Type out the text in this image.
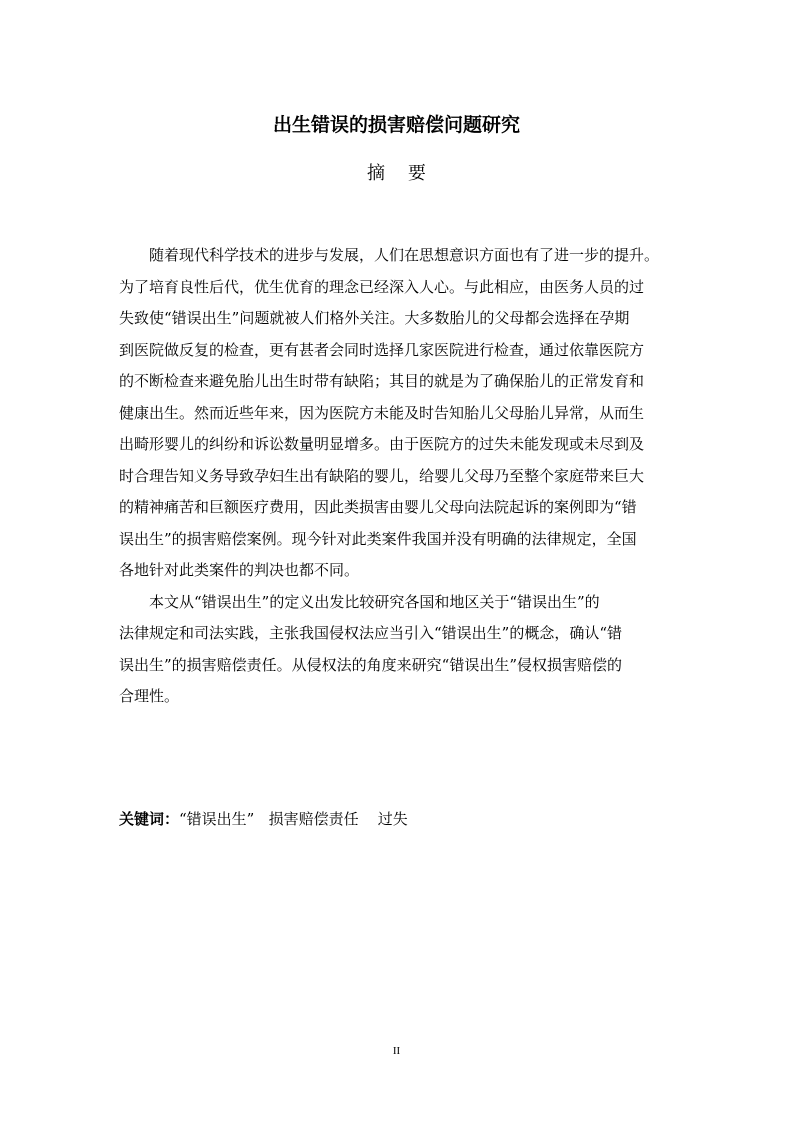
出生错误的损害赔偿问题研究
摘    要
随着现代科学技术的进步与发展，人们在思想意识方面也有了进一步的提升。
为了培育良性后代，优生优育的理念已经深入人心。与此相应，由医务人员的过
失致使“错误出生”问题就被人们格外关注。大多数胎儿的父母都会选择在孕期
到医院做反复的检查，更有甚者会同时选择几家医院进行检查，通过依靠医院方
的不断检查来避免胎儿出生时带有缺陷；其目的就是为了确保胎儿的正常发育和
健康出生。然而近些年来，因为医院方未能及时告知胎儿父母胎儿异常，从而生
出畸形婴儿的纠纷和诉讼数量明显增多。由于医院方的过失未能发现或未尽到及
时合理告知义务导致孕妇生出有缺陷的婴儿，给婴儿父母乃至整个家庭带来巨大
的精神痛苦和巨额医疗费用，因此类损害由婴儿父母向法院起诉的案例即为“错
误出生”的损害赔偿案例。现今针对此类案件我国并没有明确的法律规定，全国
各地针对此类案件的判决也都不同。
本文从“错误出生”的定义出发比较研究各国和地区关于“错误出生”的
法律规定和司法实践，主张我国侵权法应当引入“错误出生”的概念，确认“错
误出生”的损害赔偿责任。从侵权法的角度来研究“错误出生”侵权损害赔偿的
合理性。
关键词：“错误出生”   损害赔偿责任    过失
II
